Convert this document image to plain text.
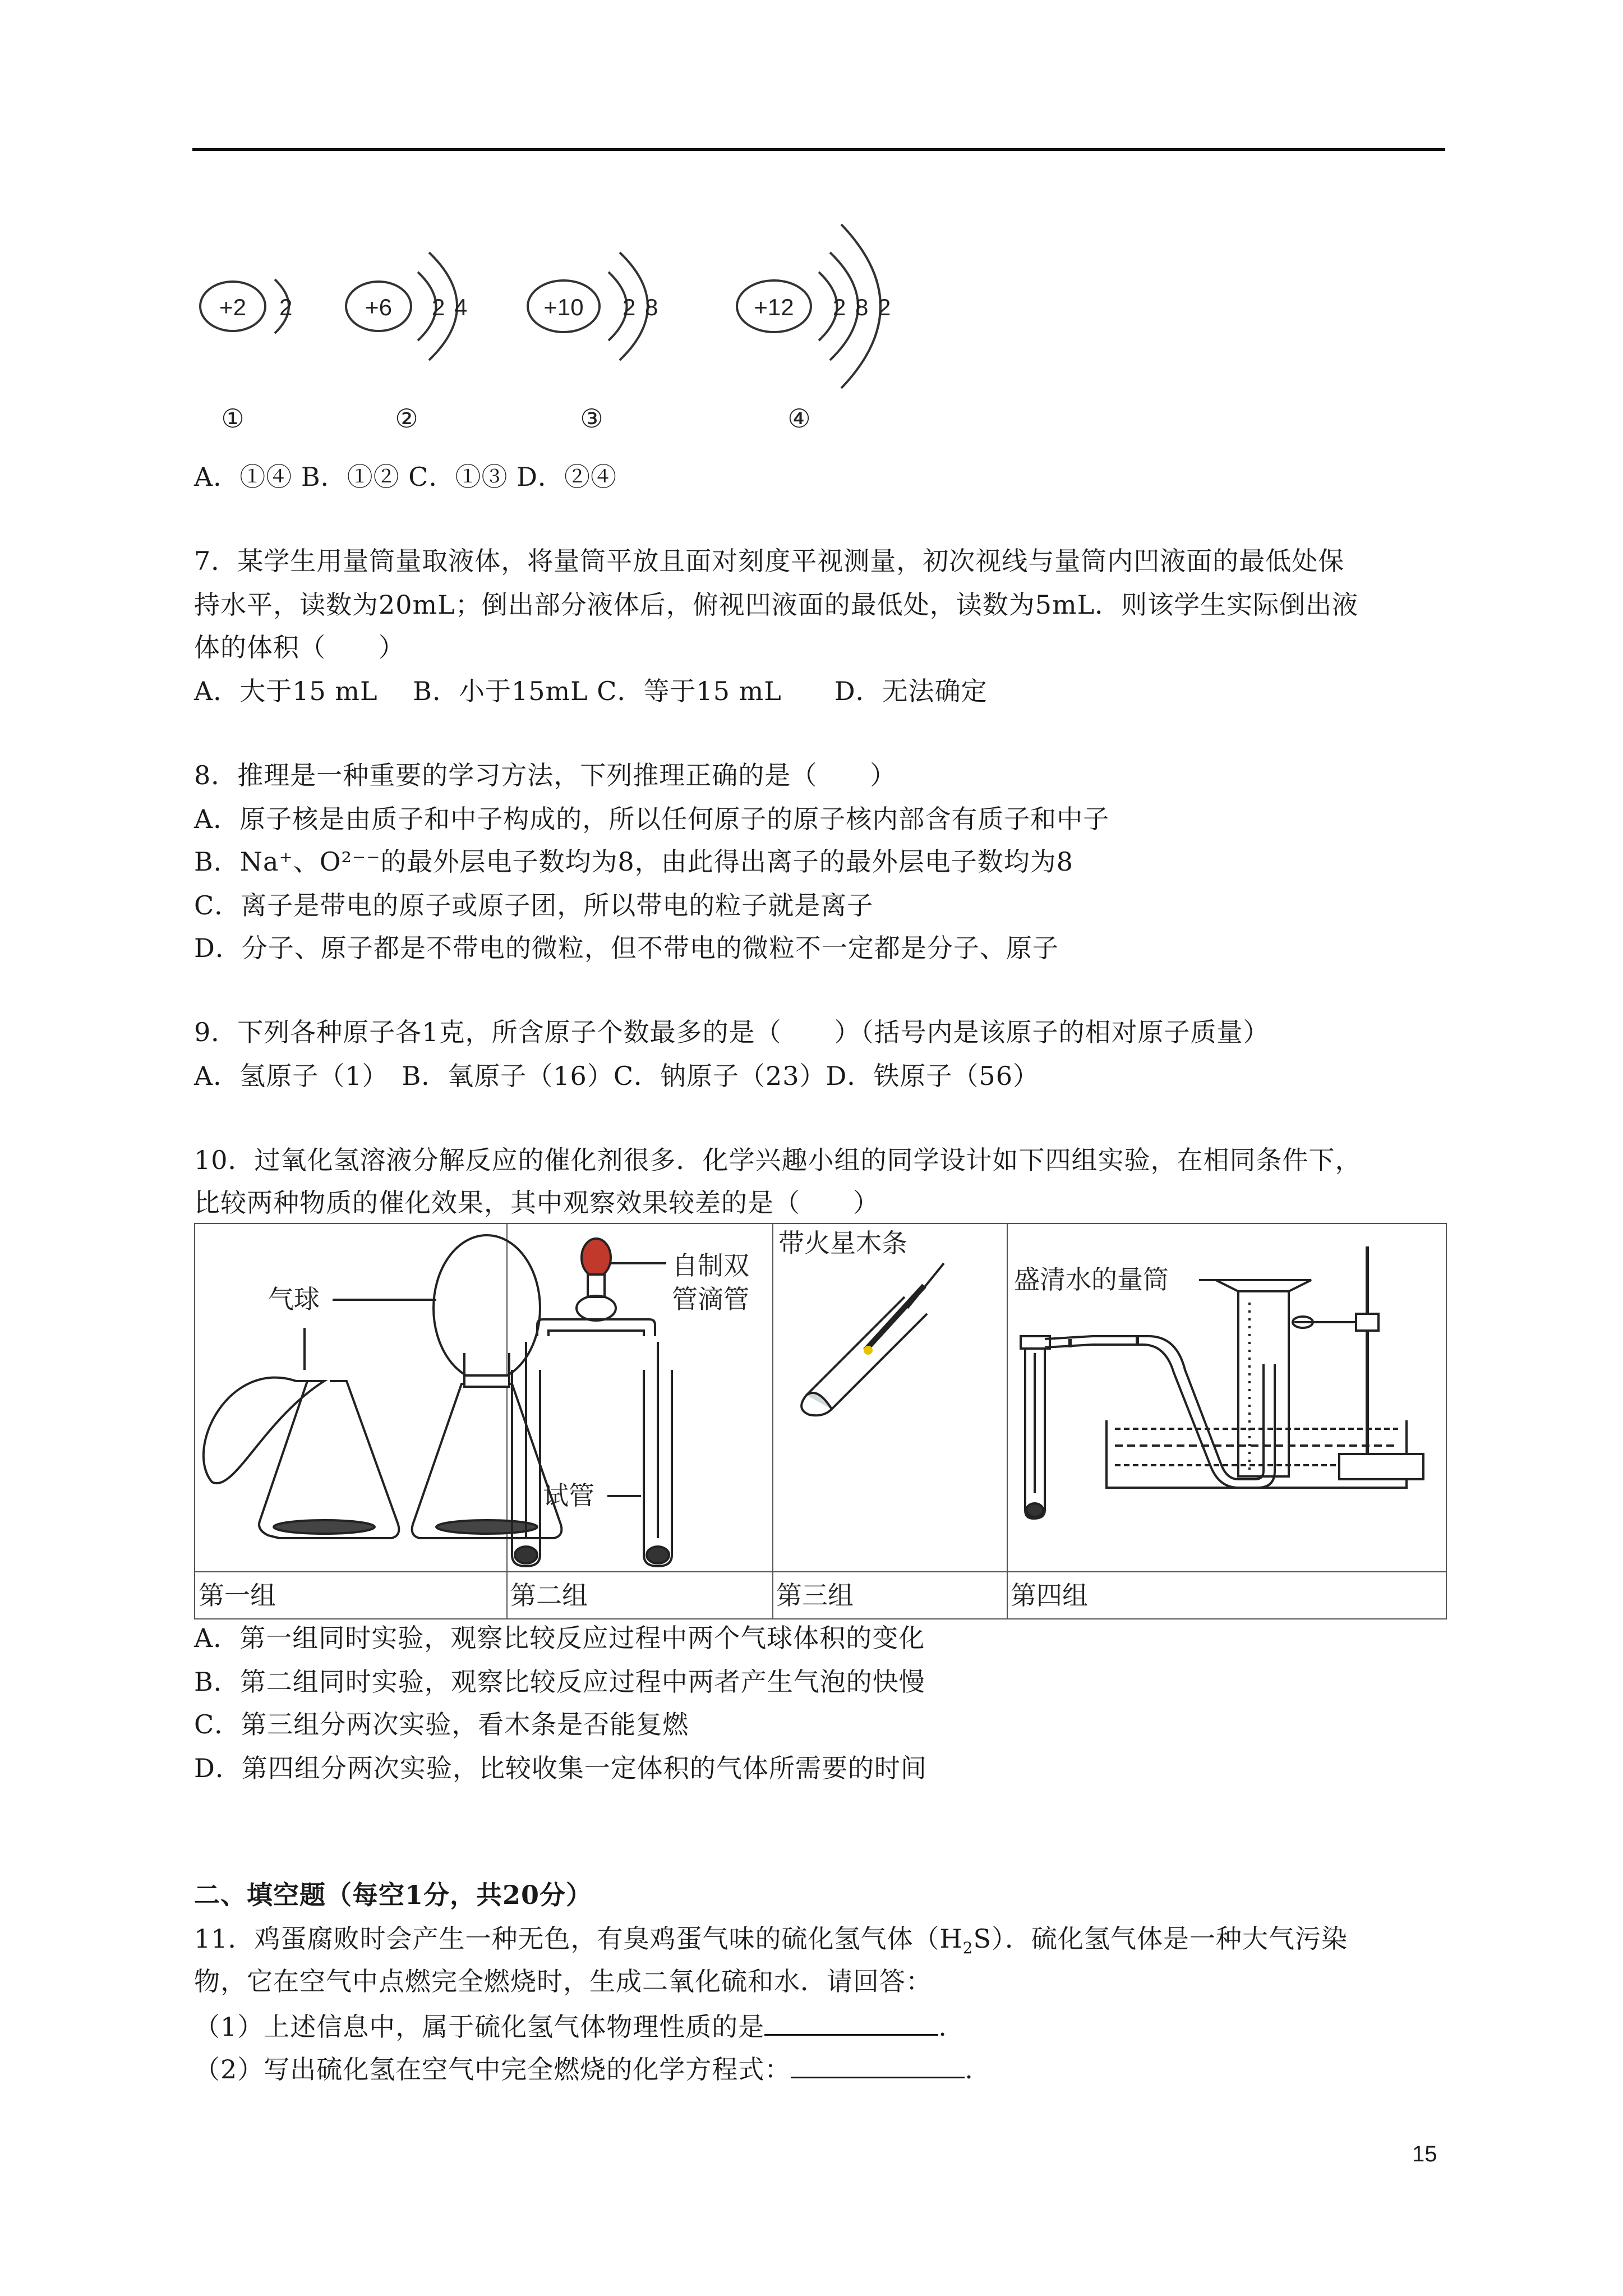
+2 2
①
+6 2 4
②
+10 2 8
③
+12 2 8 2
④
A．①④ B．①② C．①③ D．②④
7．某学生用量筒量取液体，将量筒平放且面对刻度平视测量，初次视线与量筒内凹液面的最低处保
持水平，读数为20mL；倒出部分液体后，俯视凹液面的最低处，读数为5mL．则该学生实际倒出液
体的体积（　　）
A．大于15 mL　 B．小于15mL C．等于15 mL　　D．无法确定
8．推理是一种重要的学习方法，下列推理正确的是（　　）
A．原子核是由质子和中子构成的，所以任何原子的原子核内部含有质子和中子
B．Na⁺、O²⁻⁻的最外层电子数均为8，由此得出离子的最外层电子数均为8
C．离子是带电的原子或原子团，所以带电的粒子就是离子
D．分子、原子都是不带电的微粒，但不带电的微粒不一定都是分子、原子
9．下列各种原子各1克，所含原子个数最多的是（　　）（括号内是该原子的相对原子质量）
A．氢原子（1）　B．氧原子（16）C．钠原子（23）D．铁原子（56）
10．过氧化氢溶液分解反应的催化剂很多．化学兴趣小组的同学设计如下四组实验，在相同条件下，
比较两种物质的催化效果，其中观察效果较差的是（　　）
气球
自制双
管滴管
试管
带火星木条
盛清水的量筒
第一组	第二组	第三组	第四组
A．第一组同时实验，观察比较反应过程中两个气球体积的变化
B．第二组同时实验，观察比较反应过程中两者产生气泡的快慢
C．第三组分两次实验，看木条是否能复燃
D．第四组分两次实验，比较收集一定体积的气体所需要的时间
二、填空题（每空1分，共20分）
11．鸡蛋腐败时会产生一种无色，有臭鸡蛋气味的硫化氢气体$(H_2S)$．硫化氢气体是一种大气污染
物，它在空气中点燃完全燃烧时，生成二氧化硫和水．请回答：
（1）上述信息中，属于硫化氢气体物理性质的是	.
（2）写出硫化氢在空气中完全燃烧的化学方程式：	.
15
